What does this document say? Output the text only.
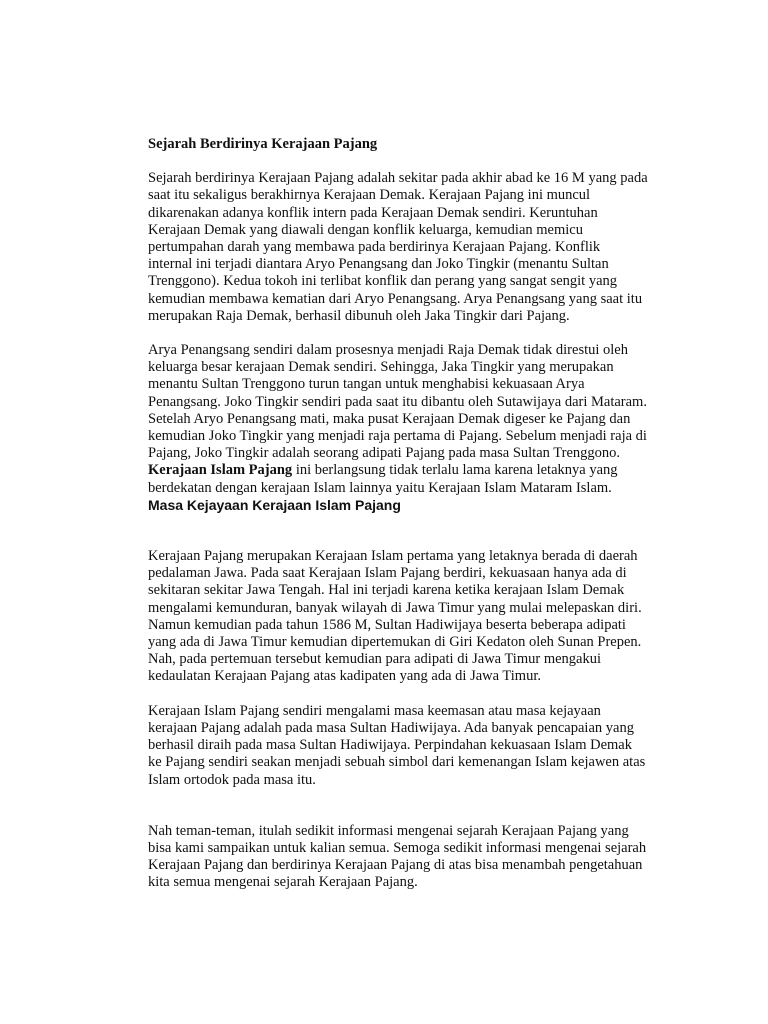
Sejarah Berdirinya Kerajaan Pajang

Sejarah berdirinya Kerajaan Pajang adalah sekitar pada akhir abad ke 16 M yang pada saat itu sekaligus berakhirnya Kerajaan Demak. Kerajaan Pajang ini muncul dikarenakan adanya konflik intern pada Kerajaan Demak sendiri. Keruntuhan Kerajaan Demak yang diawali dengan konflik keluarga, kemudian memicu pertumpahan darah yang membawa pada berdirinya Kerajaan Pajang. Konflik internal ini terjadi diantara Aryo Penangsang dan Joko Tingkir (menantu Sultan Trenggono). Kedua tokoh ini terlibat konflik dan perang yang sangat sengit yang kemudian membawa kematian dari Aryo Penangsang. Arya Penangsang yang saat itu merupakan Raja Demak, berhasil dibunuh oleh Jaka Tingkir dari Pajang.

Arya Penangsang sendiri dalam prosesnya menjadi Raja Demak tidak direstui oleh keluarga besar kerajaan Demak sendiri. Sehingga, Jaka Tingkir yang merupakan menantu Sultan Trenggono turun tangan untuk menghabisi kekuasaan Arya Penangsang. Joko Tingkir sendiri pada saat itu dibantu oleh Sutawijaya dari Mataram. Setelah Aryo Penangsang mati, maka pusat Kerajaan Demak digeser ke Pajang dan kemudian Joko Tingkir yang menjadi raja pertama di Pajang. Sebelum menjadi raja di Pajang, Joko Tingkir adalah seorang adipati Pajang pada masa Sultan Trenggono. Kerajaan Islam Pajang ini berlangsung tidak terlalu lama karena letaknya yang berdekatan dengan kerajaan Islam lainnya yaitu Kerajaan Islam Mataram Islam.

Masa Kejayaan Kerajaan Islam Pajang

Kerajaan Pajang merupakan Kerajaan Islam pertama yang letaknya berada di daerah pedalaman Jawa. Pada saat Kerajaan Islam Pajang berdiri, kekuasaan hanya ada di sekitaran sekitar Jawa Tengah. Hal ini terjadi karena ketika kerajaan Islam Demak mengalami kemunduran, banyak wilayah di Jawa Timur yang mulai melepaskan diri. Namun kemudian pada tahun 1586 M, Sultan Hadiwijaya beserta beberapa adipati yang ada di Jawa Timur kemudian dipertemukan di Giri Kedaton oleh Sunan Prepen. Nah, pada pertemuan tersebut kemudian para adipati di Jawa Timur mengakui kedaulatan Kerajaan Pajang atas kadipaten yang ada di Jawa Timur.

Kerajaan Islam Pajang sendiri mengalami masa keemasan atau masa kejayaan kerajaan Pajang adalah pada masa Sultan Hadiwijaya. Ada banyak pencapaian yang berhasil diraih pada masa Sultan Hadiwijaya. Perpindahan kekuasaan Islam Demak ke Pajang sendiri seakan menjadi sebuah simbol dari kemenangan Islam kejawen atas Islam ortodok pada masa itu.

Nah teman-teman, itulah sedikit informasi mengenai sejarah Kerajaan Pajang yang bisa kami sampaikan untuk kalian semua. Semoga sedikit informasi mengenai sejarah Kerajaan Pajang dan berdirinya Kerajaan Pajang di atas bisa menambah pengetahuan kita semua mengenai sejarah Kerajaan Pajang.
